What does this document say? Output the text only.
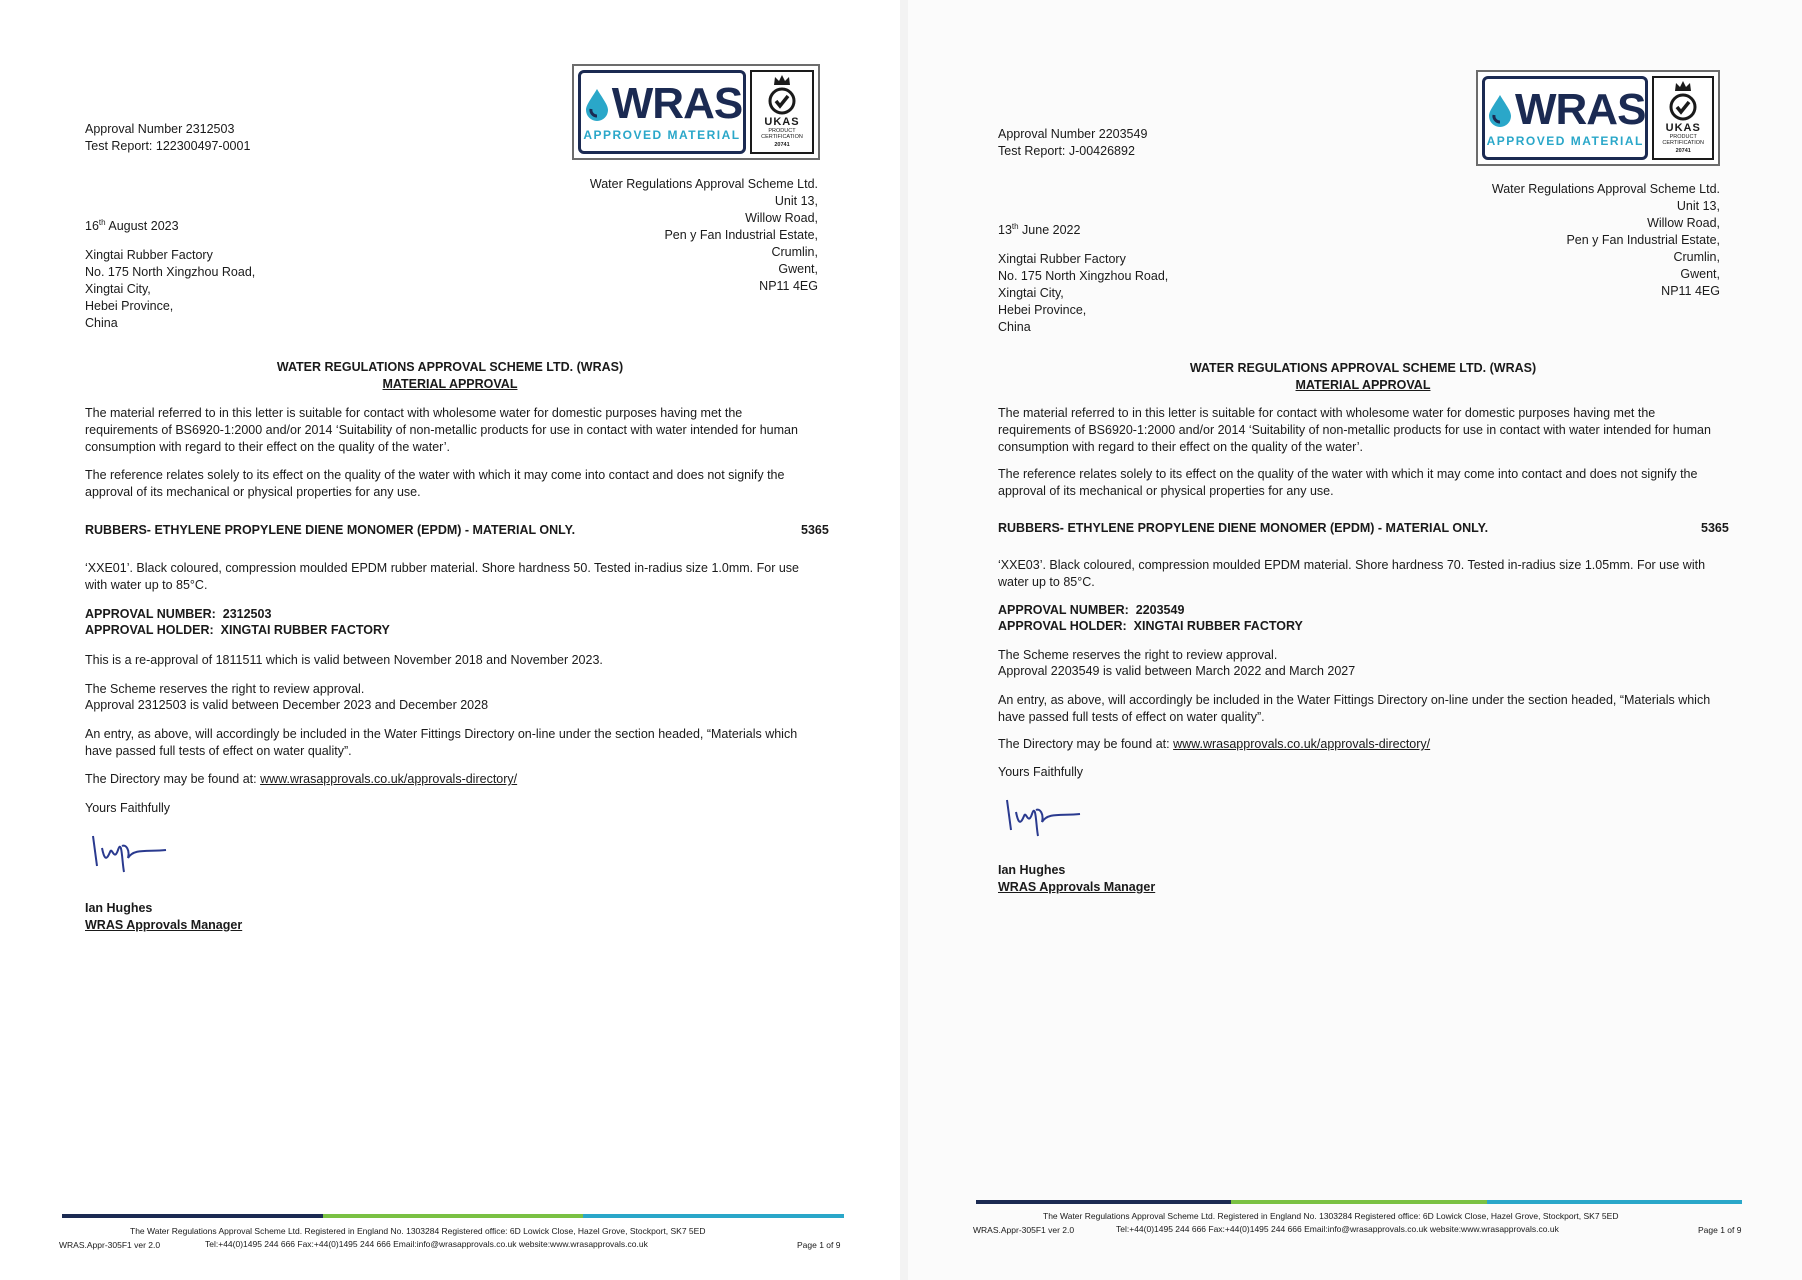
WRAS
APPROVED MATERIAL
UKAS
PRODUCT
CERTIFICATION
20741
Approval Number 2312503
Test Report: 122300497-0001
Water Regulations Approval Scheme Ltd.
Unit 13,
Willow Road,
Pen y Fan Industrial Estate,
Crumlin,
Gwent,
NP11 4EG
16th August 2023
Xingtai Rubber Factory
No. 175 North Xingzhou Road,
Xingtai City,
Hebei Province,
China
WATER REGULATIONS APPROVAL SCHEME LTD. (WRAS)
MATERIAL APPROVAL
The material referred to in this letter is suitable for contact with wholesome water for domestic purposes having met the requirements of BS6920-1:2000 and/or 2014 ‘Suitability of non-metallic products for use in contact with water intended for human consumption with regard to their effect on the quality of the water’.
The reference relates solely to its effect on the quality of the water with which it may come into contact and does not signify the approval of its mechanical or physical properties for any use.
RUBBERS- ETHYLENE PROPYLENE DIENE MONOMER (EPDM) - MATERIAL ONLY.	5365
‘XXE01’. Black coloured, compression moulded EPDM rubber material. Shore hardness 50. Tested in-radius size 1.0mm. For use with water up to 85°C.
APPROVAL NUMBER: 2312503
APPROVAL HOLDER: XINGTAI RUBBER FACTORY
This is a re-approval of 1811511 which is valid between November 2018 and November 2023.
The Scheme reserves the right to review approval.
Approval 2312503 is valid between December 2023 and December 2028
An entry, as above, will accordingly be included in the Water Fittings Directory on-line under the section headed, “Materials which have passed full tests of effect on water quality”.
The Directory may be found at: www.wrasapprovals.co.uk/approvals-directory/
Yours Faithfully
Ian Hughes
WRAS Approvals Manager
The Water Regulations Approval Scheme Ltd. Registered in England No. 1303284 Registered office: 6D Lowick Close, Hazel Grove, Stockport, SK7 5ED
WRAS.Appr-305F1 ver 2.0	Tel:+44(0)1495 244 666 Fax:+44(0)1495 244 666 Email:info@wrasapprovals.co.uk website:www.wrasapprovals.co.uk	Page 1 of 9
WRAS
APPROVED MATERIAL
UKAS
PRODUCT
CERTIFICATION
20741
Approval Number 2203549
Test Report: J-00426892
Water Regulations Approval Scheme Ltd.
Unit 13,
Willow Road,
Pen y Fan Industrial Estate,
Crumlin,
Gwent,
NP11 4EG
13th June 2022
Xingtai Rubber Factory
No. 175 North Xingzhou Road,
Xingtai City,
Hebei Province,
China
WATER REGULATIONS APPROVAL SCHEME LTD. (WRAS)
MATERIAL APPROVAL
The material referred to in this letter is suitable for contact with wholesome water for domestic purposes having met the requirements of BS6920-1:2000 and/or 2014 ‘Suitability of non-metallic products for use in contact with water intended for human consumption with regard to their effect on the quality of the water’.
The reference relates solely to its effect on the quality of the water with which it may come into contact and does not signify the approval of its mechanical or physical properties for any use.
RUBBERS- ETHYLENE PROPYLENE DIENE MONOMER (EPDM) - MATERIAL ONLY.	5365
‘XXE03’. Black coloured, compression moulded EPDM material. Shore hardness 70. Tested in-radius size 1.05mm. For use with water up to 85°C.
APPROVAL NUMBER: 2203549
APPROVAL HOLDER: XINGTAI RUBBER FACTORY
The Scheme reserves the right to review approval.
Approval 2203549 is valid between March 2022 and March 2027
An entry, as above, will accordingly be included in the Water Fittings Directory on-line under the section headed, “Materials which have passed full tests of effect on water quality”.
The Directory may be found at: www.wrasapprovals.co.uk/approvals-directory/
Yours Faithfully
Ian Hughes
WRAS Approvals Manager
The Water Regulations Approval Scheme Ltd. Registered in England No. 1303284 Registered office: 6D Lowick Close, Hazel Grove, Stockport, SK7 5ED
WRAS.Appr-305F1 ver 2.0	Tel:+44(0)1495 244 666 Fax:+44(0)1495 244 666 Email:info@wrasapprovals.co.uk website:www.wrasapprovals.co.uk	Page 1 of 9
